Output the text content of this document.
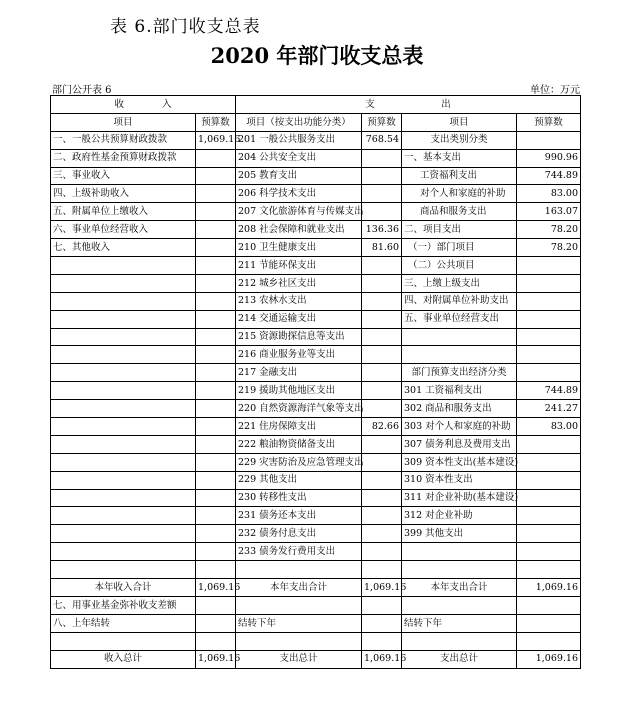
表 6.部门收支总表
2020 年部门收支总表
部门公开表 6	单位：万元
收　　　　入		支　　　　　　　出			
项目	预算数	项目（按支出功能分类）	预算数	项目	预算数
一、一般公共预算财政拨款	1,069.16	201 一般公共服务支出	768.54	支出类别分类	
二、政府性基金预算财政拨款		204 公共安全支出		一、基本支出	990.96
三、事业收入		205 教育支出		工资福利支出	744.89
四、上级补助收入		206 科学技术支出		对个人和家庭的补助	83.00
五、附属单位上缴收入		207 文化旅游体育与传媒支出		商品和服务支出	163.07
六、事业单位经营收入		208 社会保障和就业支出	136.36	二、项目支出	78.20
七、其他收入		210 卫生健康支出	81.60	（一）部门项目	78.20
		211 节能环保支出		（二）公共项目	
		212 城乡社区支出		三、上缴上级支出	
		213 农林水支出		四、对附属单位补助支出	
		214 交通运输支出		五、事业单位经营支出	
		215 资源勘探信息等支出			
		216 商业服务业等支出			
		217 金融支出		部门预算支出经济分类	
		219 援助其他地区支出		301 工资福利支出	744.89
		220 自然资源海洋气象等支出		302 商品和服务支出	241.27
		221 住房保障支出	82.66	303 对个人和家庭的补助	83.00
		222 粮油物资储备支出		307 债务利息及费用支出	
		229 灾害防治及应急管理支出		309 资本性支出(基本建设)	
		229 其他支出		310 资本性支出	
		230 转移性支出		311 对企业补助(基本建设)	
		231 债务还本支出		312 对企业补助	
		232 债务付息支出		399 其他支出	
		233 债务发行费用支出			

本年收入合计	1,069.16	本年支出合计	1,069.16	本年支出合计	1,069.16
七、用事业基金弥补收支差额					
八、上年结转		结转下年		结转下年	

收入总计	1,069.16	支出总计	1,069.16	支出总计	1,069.16
